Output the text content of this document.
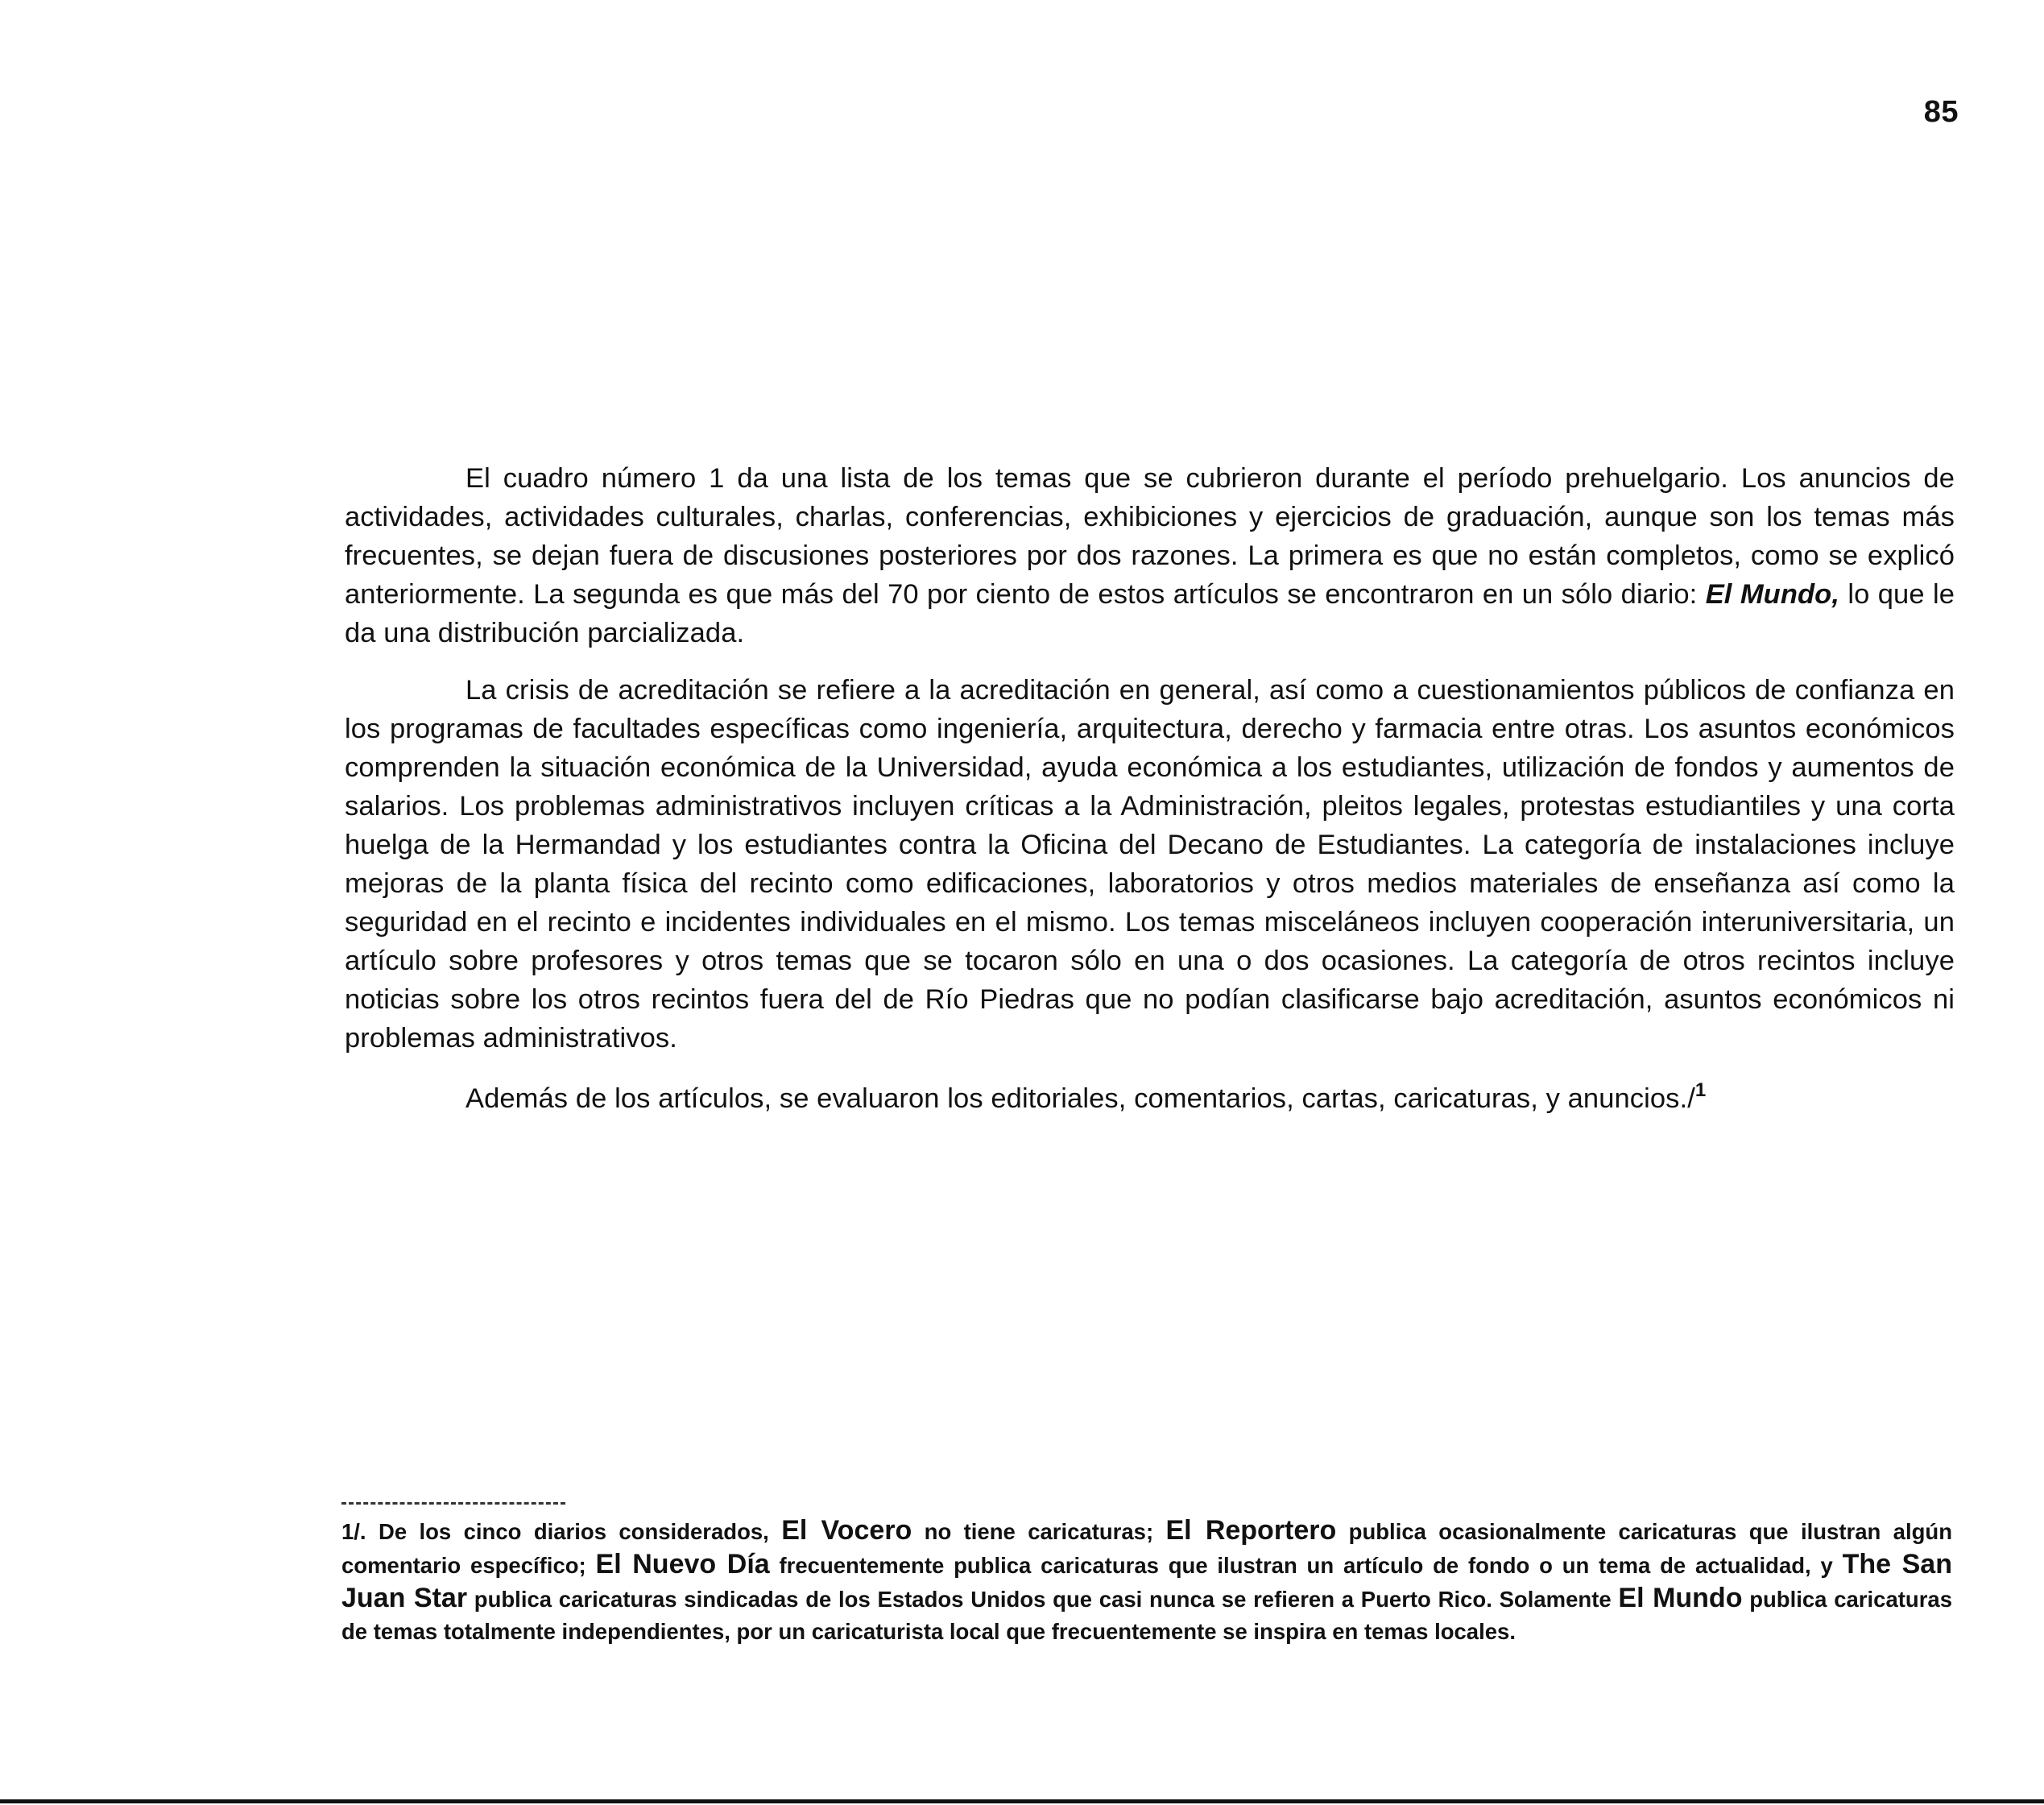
85

El cuadro número 1 da una lista de los temas que se cubrieron durante el período prehuelgario. Los anuncios de actividades, actividades culturales, charlas, conferencias, exhibiciones y ejercicios de graduación, aunque son los temas más frecuentes, se dejan fuera de discusiones posteriores por dos razones. La primera es que no están completos, como se explicó anteriormente. La segunda es que más del 70 por ciento de estos artículos se encontraron en un sólo diario: El Mundo, lo que le da una distribución parcializada.

La crisis de acreditación se refiere a la acreditación en general, así como a cuestionamientos públicos de confianza en los programas de facultades específicas como ingeniería, arquitectura, derecho y farmacia entre otras. Los asuntos económicos comprenden la situación económica de la Universidad, ayuda económica a los estudiantes, utilización de fondos y aumentos de salarios. Los problemas administrativos incluyen críticas a la Administración, pleitos legales, protestas estudiantiles y una corta huelga de la Hermandad y los estudiantes contra la Oficina del Decano de Estudiantes. La categoría de instalaciones incluye mejoras de la planta física del recinto como edificaciones, laboratorios y otros medios materiales de enseñanza así como la seguridad en el recinto e incidentes individuales en el mismo. Los temas misceláneos incluyen cooperación interuniversitaria, un artículo sobre profesores y otros temas que se tocaron sólo en una o dos ocasiones. La categoría de otros recintos incluye noticias sobre los otros recintos fuera del de Río Piedras que no podían clasificarse bajo acreditación, asuntos económicos ni problemas administrativos.

Además de los artículos, se evaluaron los editoriales, comentarios, cartas, caricaturas, y anuncios./$^1$

1/. De los cinco diarios considerados, El Vocero no tiene caricaturas; El Reportero publica ocasionalmente caricaturas que ilustran algún comentario específico; El Nuevo Día frecuentemente publica caricaturas que ilustran un artículo de fondo o un tema de actualidad, y The San Juan Star publica caricaturas sindicadas de los Estados Unidos que casi nunca se refieren a Puerto Rico. Solamente El Mundo publica caricaturas de temas totalmente independientes, por un caricaturista local que frecuentemente se inspira en temas locales.
